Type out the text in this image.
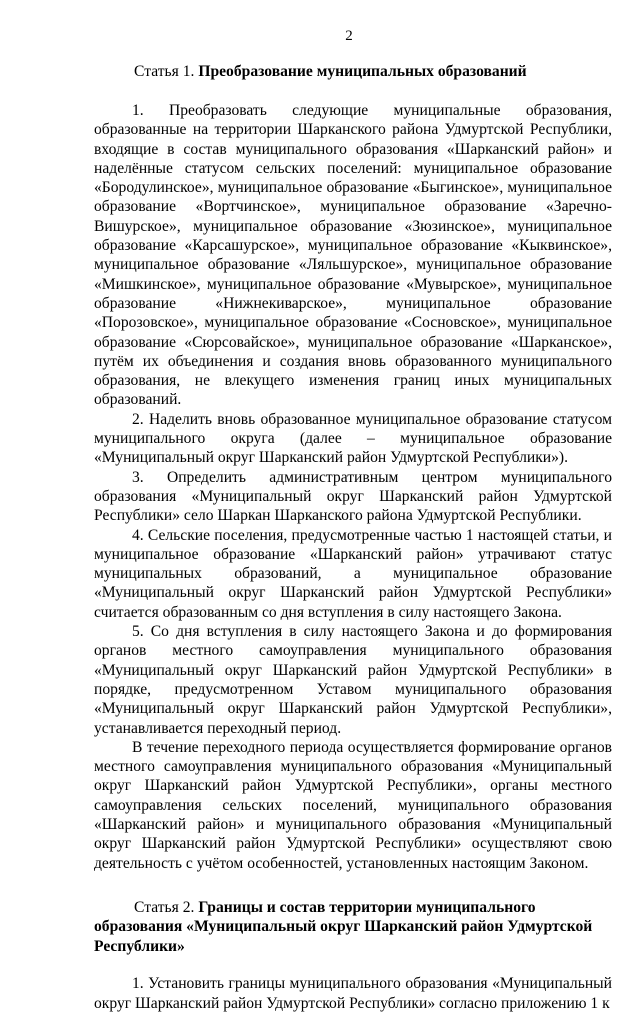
2
Статья 1. Преобразование муниципальных образований

1. Преобразовать следующие муниципальные образования, образованные на территории Шарканского района Удмуртской Республики, входящие в состав муниципального образования «Шарканский район» и наделённые статусом сельских поселений: муниципальное образование «Бородулинское», муниципальное образование «Быгинское», муниципальное образование «Вортчинское», муниципальное образование «Заречно-Вишурское», муниципальное образование «Зюзинское», муниципальное образование «Карсашурское», муниципальное образование «Кыквинское», муниципальное образование «Ляльшурское», муниципальное образование «Мишкинское», муниципальное образование «Мувырское», муниципальное образование «Нижнекиварское», муниципальное образование «Порозовское», муниципальное образование «Сосновское», муниципальное образование «Сюрсовайское», муниципальное образование «Шарканское», путём их объединения и создания вновь образованного муниципального образования, не влекущего изменения границ иных муниципальных образований.

2. Наделить вновь образованное муниципальное образование статусом муниципального округа (далее – муниципальное образование «Муниципальный округ Шарканский район Удмуртской Республики»).

3. Определить административным центром муниципального образования «Муниципальный округ Шарканский район Удмуртской Республики» село Шаркан Шарканского района Удмуртской Республики.

4. Сельские поселения, предусмотренные частью 1 настоящей статьи, и муниципальное образование «Шарканский район» утрачивают статус муниципальных образований, а муниципальное образование «Муниципальный округ Шарканский район Удмуртской Республики» считается образованным со дня вступления в силу настоящего Закона.

5. Со дня вступления в силу настоящего Закона и до формирования органов местного самоуправления муниципального образования «Муниципальный округ Шарканский район Удмуртской Республики» в порядке, предусмотренном Уставом муниципального образования «Муниципальный округ Шарканский район Удмуртской Республики», устанавливается переходный период.

В течение переходного периода осуществляется формирование органов местного самоуправления муниципального образования «Муниципальный округ Шарканский район Удмуртской Республики», органы местного самоуправления сельских поселений, муниципального образования «Шарканский район» и муниципального образования «Муниципальный округ Шарканский район Удмуртской Республики» осуществляют свою деятельность с учётом особенностей, установленных настоящим Законом.

Статья 2. Границы и состав территории муниципального образования «Муниципальный округ Шарканский район Удмуртской Республики»

1. Установить границы муниципального образования «Муниципальный округ Шарканский район Удмуртской Республики» согласно приложению 1 к
